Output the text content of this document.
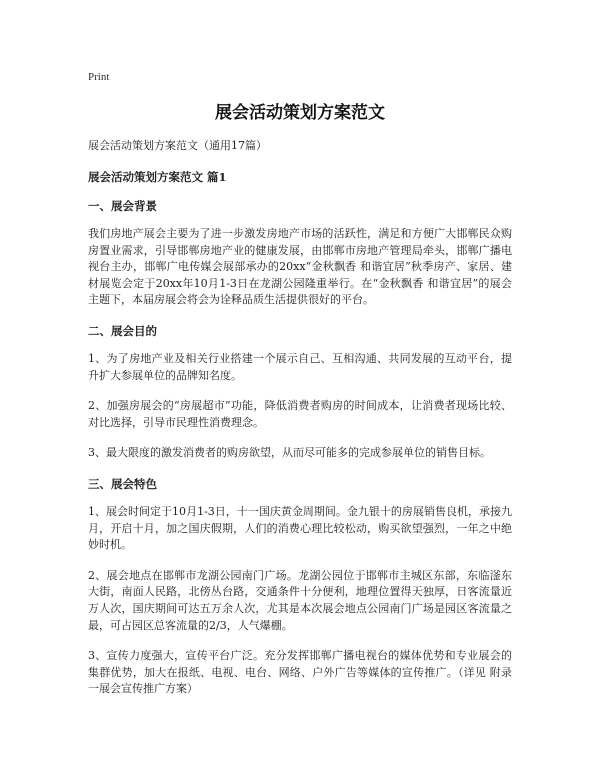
Print
展会活动策划方案范文
展会活动策划方案范文（通用17篇）
展会活动策划方案范文 篇1
一、展会背景

我们房地产展会主要为了进一步激发房地产市场的活跃性，满足和方便广大邯郸民众购房置业需求，引导邯郸房地产业的健康发展，由邯郸市房地产管理局牵头，邯郸广播电视台主办，邯郸广电传媒会展部承办的20xx“金秋飘香 和谐宜居”秋季房产、家居、建材展览会定于20xx年10月1-3日在龙湖公园隆重举行。在“金秋飘香 和谐宜居”的展会主题下，本届房展会将会为诠释品质生活提供很好的平台。

二、展会目的

1、为了房地产业及相关行业搭建一个展示自己、互相沟通、共同发展的互动平台，提升扩大参展单位的品牌知名度。

2、加强房展会的“房展超市”功能，降低消费者购房的时间成本，让消费者现场比较、对比选择，引导市民理性消费理念。

3、最大限度的激发消费者的购房欲望，从而尽可能多的完成参展单位的销售目标。

三、展会特色

1、展会时间定于10月1-3日，十一国庆黄金周期间。金九银十的房展销售良机，承接九月，开启十月，加之国庆假期，人们的消费心理比较松动，购买欲望强烈，一年之中绝妙时机。

2、展会地点在邯郸市龙湖公园南门广场。龙湖公园位于邯郸市主城区东部，东临滏东大街，南面人民路，北傍丛台路，交通条件十分便利，地理位置得天独厚，日客流量近万人次，国庆期间可达五万余人次，尤其是本次展会地点公园南门广场是园区客流量之最，可占园区总客流量的2/3，人气爆棚。

3、宣传力度强大，宣传平台广泛。充分发挥邯郸广播电视台的媒体优势和专业展会的集群优势，加大在报纸、电视、电台、网络、户外广告等媒体的宣传推广。（详见 附录一展会宣传推广方案）
